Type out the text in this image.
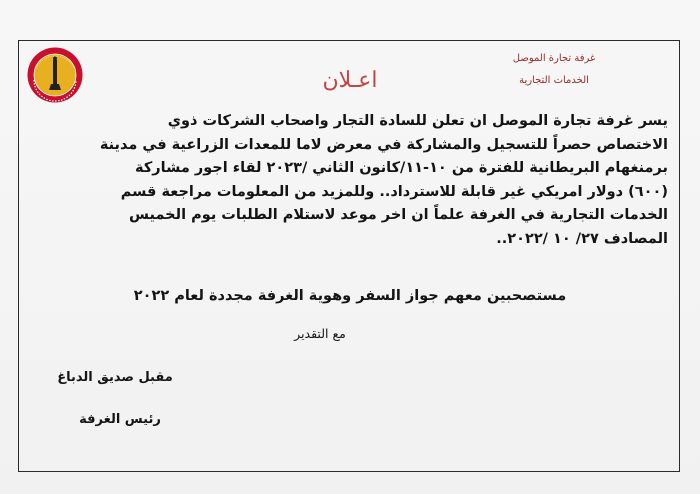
غرفة تجارة الموصل
الخدمات التجارية
اعـلان
يسر غرفة تجارة الموصل ان تعلن للسادة التجار واصحاب الشركات ذوي
الاختصاص حصراً للتسجيل والمشاركة في معرض لاما للمعدات الزراعية في مدينة
برمنغهام البريطانية للفترة من ١٠-١١/كانون الثاني /٢٠٢٣ لقاء اجور مشاركة
(٦٠٠) دولار امريكي غير قابلة للاسترداد.. وللمزيد من المعلومات مراجعة قسم
الخدمات التجارية في الغرفة علماً ان اخر موعد لاستلام الطلبات يوم الخميس
المصادف ٢٧/ ١٠ /٢٠٢٢..
مستصحبين معهم جواز السفر وهوية الغرفة مجددة لعام ٢٠٢٢
مع التقدير
مقبل صديق الدباغ
رئيس الغرفة
